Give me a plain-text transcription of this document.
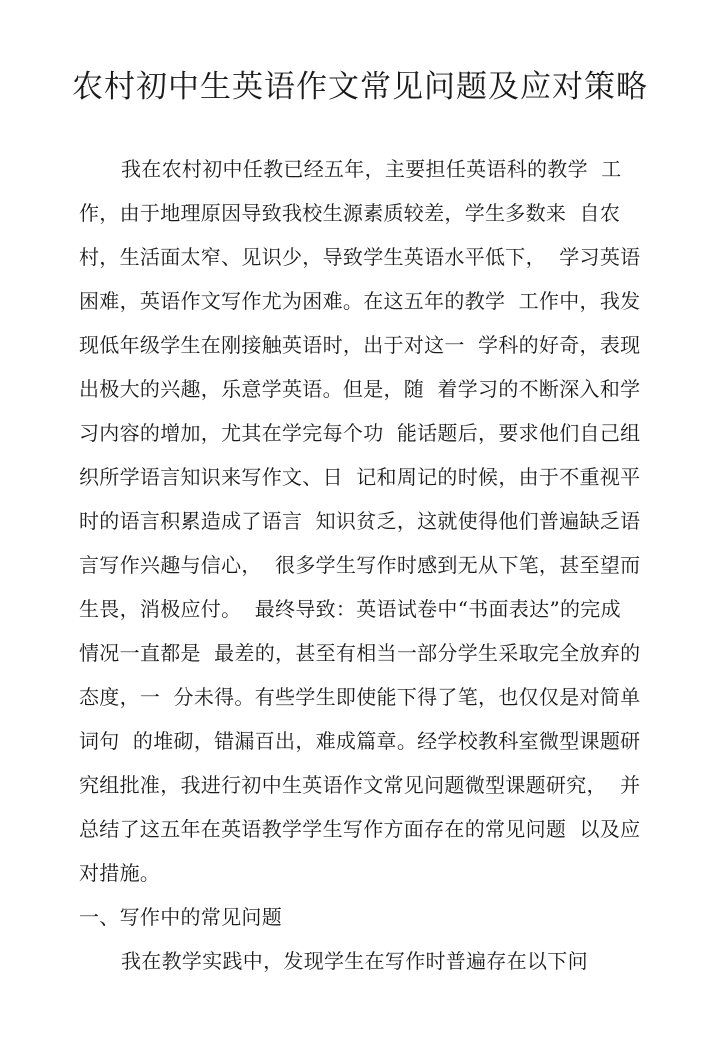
农村初中生英语作文常见问题及应对策略
我在农村初中任教已经五年，主要担任英语科的教学  工
作，由于地理原因导致我校生源素质较差，学生多数来  自农
村，生活面太窄、见识少，导致学生英语水平低下，  学习英语
困难，英语作文写作尤为困难。在这五年的教学  工作中，我发
现低年级学生在刚接触英语时，出于对这一  学科的好奇，表现
出极大的兴趣，乐意学英语。但是，随  着学习的不断深入和学
习内容的增加，尤其在学完每个功  能话题后，要求他们自己组
织所学语言知识来写作文、日  记和周记的时候，由于不重视平
时的语言积累造成了语言  知识贫乏，这就使得他们普遍缺乏语
言写作兴趣与信心，  很多学生写作时感到无从下笔，甚至望而
生畏，消极应付。  最终导致：英语试卷中“书面表达”的完成
情况一直都是  最差的，甚至有相当一部分学生采取完全放弃的
态度，一  分未得。有些学生即使能下得了笔，也仅仅是对简单
词句  的堆砌，错漏百出，难成篇章。经学校教科室微型课题研
究组批准，我进行初中生英语作文常见问题微型课题研究，  并
总结了这五年在英语教学学生写作方面存在的常见问题  以及应
对措施。
一、写作中的常见问题
我在教学实践中，发现学生在写作时普遍存在以下问
